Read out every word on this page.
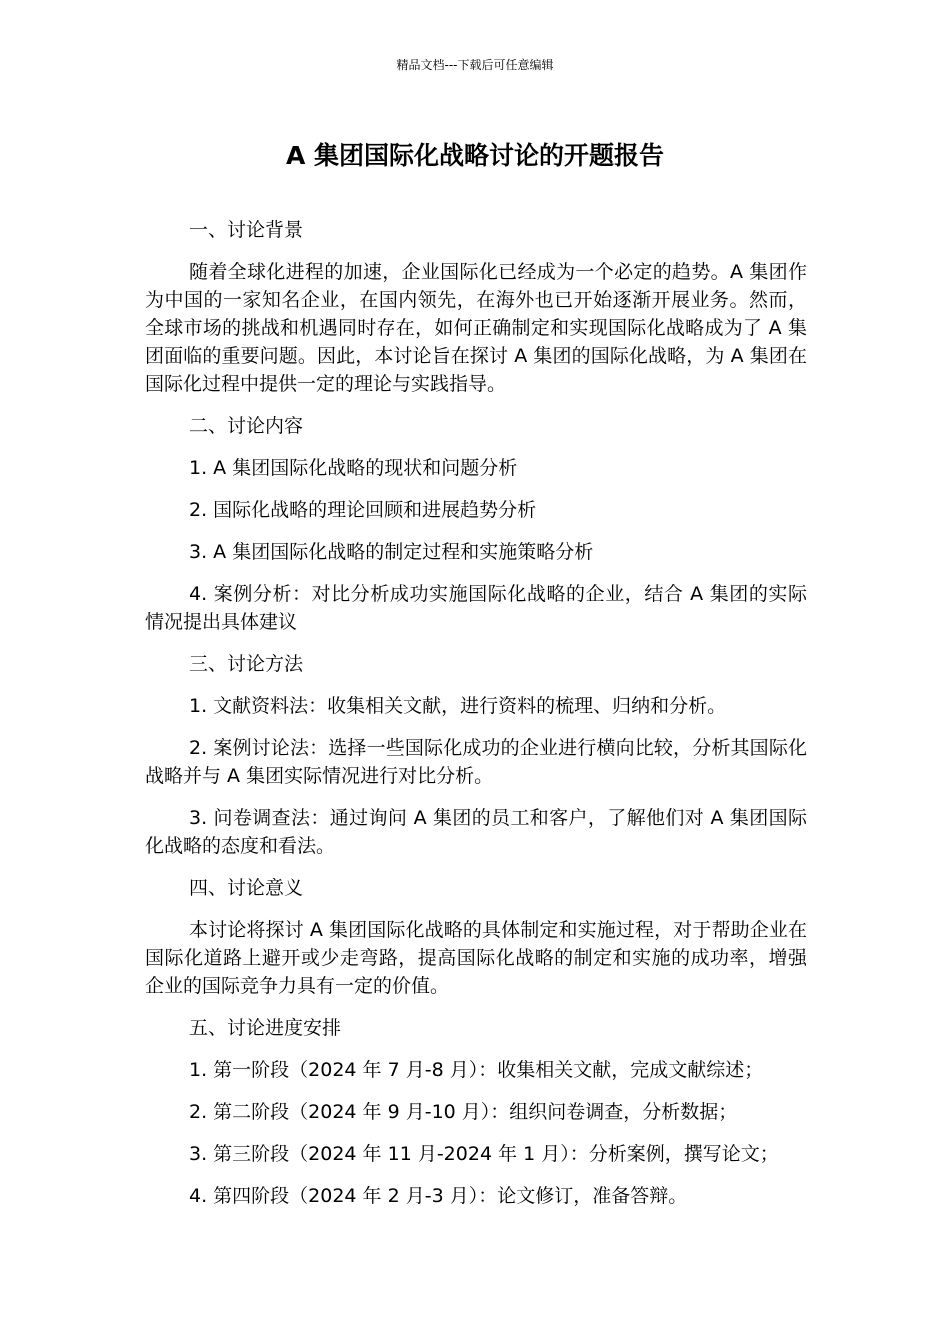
精品文档---下载后可任意编辑
A 集团国际化战略讨论的开题报告

一、讨论背景

随着全球化进程的加速，企业国际化已经成为一个必定的趋势。A 集团作为中国的一家知名企业，在国内领先，在海外也已开始逐渐开展业务。然而，全球市场的挑战和机遇同时存在，如何正确制定和实现国际化战略成为了 A 集团面临的重要问题。因此，本讨论旨在探讨 A 集团的国际化战略，为 A 集团在国际化过程中提供一定的理论与实践指导。

二、讨论内容

1. A 集团国际化战略的现状和问题分析

2. 国际化战略的理论回顾和进展趋势分析

3. A 集团国际化战略的制定过程和实施策略分析

4. 案例分析：对比分析成功实施国际化战略的企业，结合 A 集团的实际情况提出具体建议

三、讨论方法

1. 文献资料法：收集相关文献，进行资料的梳理、归纳和分析。

2. 案例讨论法：选择一些国际化成功的企业进行横向比较，分析其国际化战略并与 A 集团实际情况进行对比分析。

3. 问卷调查法：通过询问 A 集团的员工和客户，了解他们对 A 集团国际化战略的态度和看法。

四、讨论意义

本讨论将探讨 A 集团国际化战略的具体制定和实施过程，对于帮助企业在国际化道路上避开或少走弯路，提高国际化战略的制定和实施的成功率，增强企业的国际竞争力具有一定的价值。

五、讨论进度安排

1. 第一阶段（2024 年 7 月-8 月）：收集相关文献，完成文献综述；

2. 第二阶段（2024 年 9 月-10 月）：组织问卷调查，分析数据；

3. 第三阶段（2024 年 11 月-2024 年 1 月）：分析案例，撰写论文；

4. 第四阶段（2024 年 2 月-3 月）：论文修订，准备答辩。
